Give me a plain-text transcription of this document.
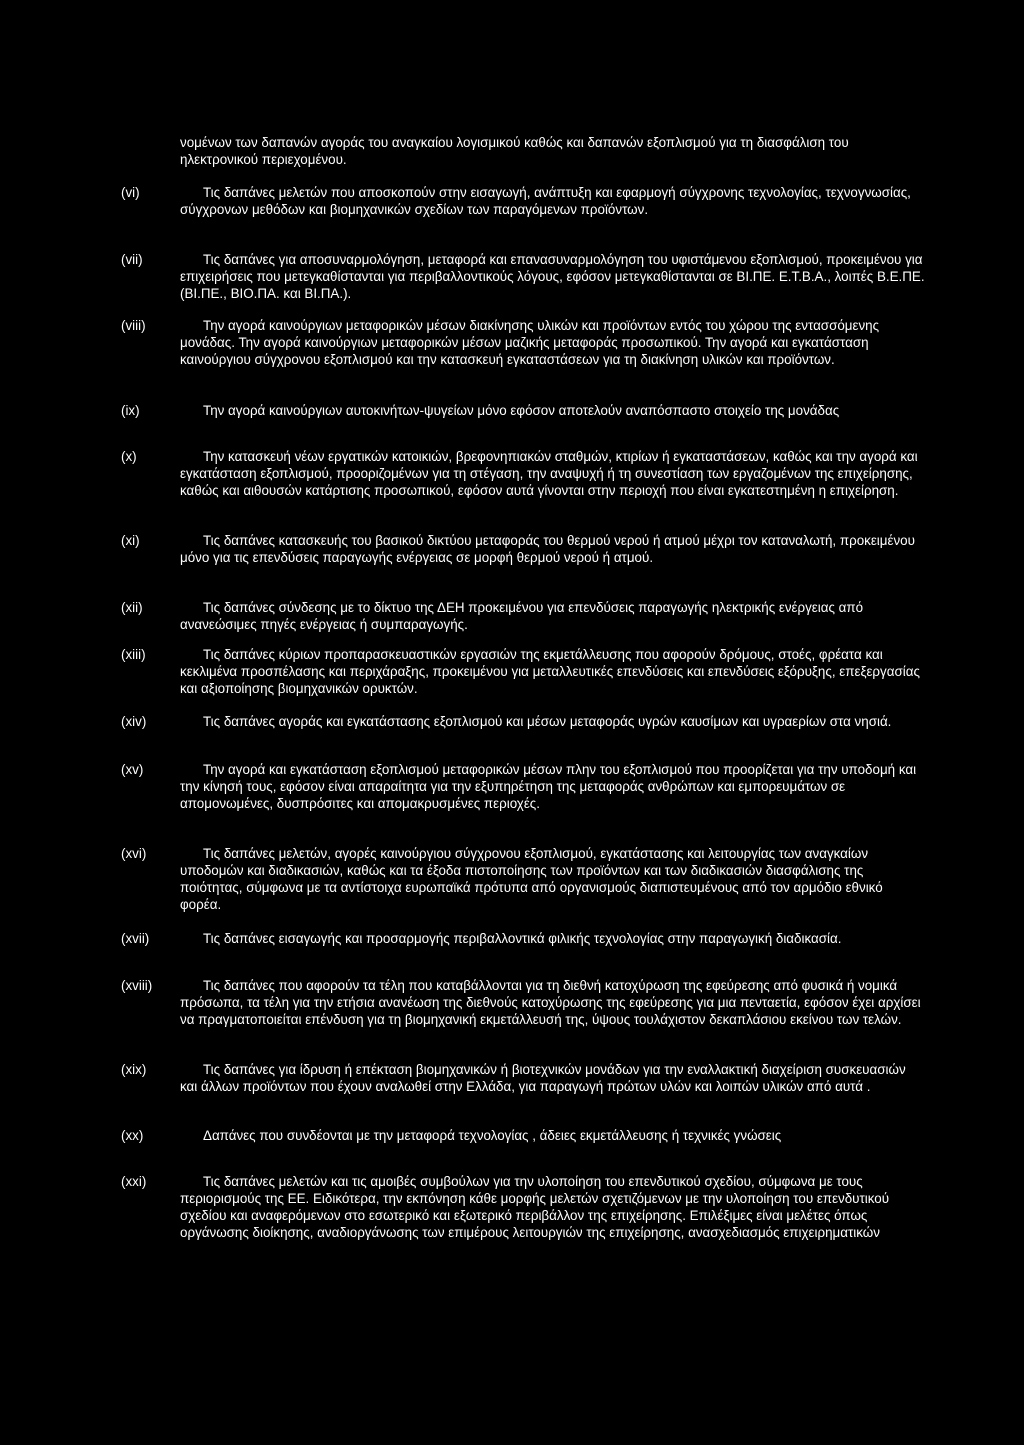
νομένων των δαπανών αγοράς του αναγκαίου λογισμικού καθώς και δαπανών εξοπλισμού για τη διασφάλιση του ηλεκτρονικού περιεχομένου.
(vi)	Τις δαπάνες μελετών που αποσκοπούν στην εισαγωγή, ανάπτυξη και εφαρμογή σύγχρονης τεχνολογίας, τεχνογνωσίας, σύγχρονων μεθόδων και βιομηχανικών σχεδίων των παραγόμενων προϊόντων.
(vii)	Τις δαπάνες για αποσυναρμολόγηση, μεταφορά και επανασυναρμολόγηση του υφιστάμενου εξοπλισμού, προκειμένου για επιχειρήσεις που μετεγκαθίστανται για περιβαλλοντικούς λόγους, εφόσον μετεγκαθίστανται σε ΒΙ.ΠΕ. Ε.Τ.Β.Α., λοιπές Β.Ε.ΠΕ. (ΒΙ.ΠΕ., ΒΙΟ.ΠΑ. και ΒΙ.ΠΑ.).
(viii)	Την αγορά καινούργιων μεταφορικών μέσων διακίνησης υλικών και προϊόντων εντός του χώρου της εντασσόμενης μονάδας. Την αγορά καινούργιων μεταφορικών μέσων μαζικής μεταφοράς προσωπικού. Την αγορά και εγκατάσταση καινούργιου σύγχρονου εξοπλισμού και την κατασκευή εγκαταστάσεων για τη διακίνηση υλικών και προϊόντων.
(ix)	Την αγορά καινούργιων αυτοκινήτων-ψυγείων μόνο εφόσον αποτελούν αναπόσπαστο στοιχείο της μονάδας
(x)	Την κατασκευή νέων εργατικών κατοικιών, βρεφονηπιακών σταθμών, κτιρίων ή εγκαταστάσεων, καθώς και την αγορά και εγκατάσταση εξοπλισμού, προοριζομένων για τη στέγαση, την αναψυχή ή τη συνεστίαση των εργαζομένων της επιχείρησης, καθώς και αιθουσών κατάρτισης προσωπικού, εφόσον αυτά γίνονται στην περιοχή που είναι εγκατεστημένη η επιχείρηση.
(xi)	Τις δαπάνες κατασκευής του βασικού δικτύου μεταφοράς του θερμού νερού ή ατμού μέχρι τον καταναλωτή, προκειμένου μόνο για τις επενδύσεις παραγωγής ενέργειας σε μορφή θερμού νερού ή ατμού.
(xii)	Τις δαπάνες σύνδεσης με το δίκτυο της ΔΕΗ προκειμένου για επενδύσεις παραγωγής ηλεκτρικής ενέργειας από ανανεώσιμες πηγές ενέργειας ή συμπαραγωγής.
(xiii)	Τις δαπάνες κύριων προπαρασκευαστικών εργασιών της εκμετάλλευσης που αφορούν δρόμους, στοές, φρέατα και κεκλιμένα προσπέλασης και περιχάραξης, προκειμένου για μεταλλευτικές επενδύσεις και επενδύσεις εξόρυξης, επεξεργασίας και αξιοποίησης βιομηχανικών ορυκτών.
(xiv)	Τις δαπάνες αγοράς και εγκατάστασης εξοπλισμού και μέσων μεταφοράς υγρών καυσίμων και υγραερίων στα νησιά.
(xv)	Την αγορά και εγκατάσταση εξοπλισμού μεταφορικών μέσων πλην του εξοπλισμού που προορίζεται για την υποδομή και την κίνησή τους, εφόσον είναι απαραίτητα για την εξυπηρέτηση της μεταφοράς ανθρώπων και εμπορευμάτων σε απομονωμένες, δυσπρόσιτες και απομακρυσμένες περιοχές.
(xvi)	Τις δαπάνες μελετών, αγορές καινούργιου σύγχρονου εξοπλισμού, εγκατάστασης και λειτουργίας των αναγκαίων υποδομών και διαδικασιών, καθώς και τα έξοδα πιστοποίησης των προϊόντων και των διαδικασιών διασφάλισης της ποιότητας, σύμφωνα με τα αντίστοιχα ευρωπαϊκά πρότυπα από οργανισμούς διαπιστευμένους από τον αρμόδιο εθνικό φορέα.
(xvii)	Τις δαπάνες εισαγωγής και προσαρμογής περιβαλλοντικά φιλικής τεχνολογίας στην παραγωγική διαδικασία.
(xviii)	Τις δαπάνες που αφορούν τα τέλη που καταβάλλονται για τη διεθνή κατοχύρωση της εφεύρεσης από φυσικά ή νομικά πρόσωπα, τα τέλη για την ετήσια ανανέωση της διεθνούς κατοχύρωσης της εφεύρεσης για μια πενταετία, εφόσον έχει αρχίσει να πραγματοποιείται επένδυση για τη βιομηχανική εκμετάλλευσή της, ύψους τουλάχιστον δεκαπλάσιου εκείνου των τελών.
(xix)	Τις δαπάνες για ίδρυση ή επέκταση βιομηχανικών ή βιοτεχνικών μονάδων για την εναλλακτική διαχείριση συσκευασιών και άλλων προϊόντων που έχουν αναλωθεί στην Ελλάδα, για παραγωγή πρώτων υλών και λοιπών υλικών από αυτά .
(xx)	Δαπάνες που συνδέονται με την μεταφορά τεχνολογίας , άδειες εκμετάλλευσης ή τεχνικές γνώσεις
(xxi)	Τις δαπάνες μελετών και τις αμοιβές συμβούλων για την υλοποίηση του επενδυτικού σχεδίου, σύμφωνα με τους περιορισμούς της ΕΕ. Ειδικότερα, την εκπόνηση κάθε μορφής μελετών σχετιζόμενων με την υλοποίηση του επενδυτικού σχεδίου και αναφερόμενων στο εσωτερικό και εξωτερικό περιβάλλον της επιχείρησης. Επιλέξιμες είναι μελέτες όπως οργάνωσης διοίκησης, αναδιοργάνωσης των επιμέρους λειτουργιών της επιχείρησης, ανασχεδιασμός επιχειρηματικών
